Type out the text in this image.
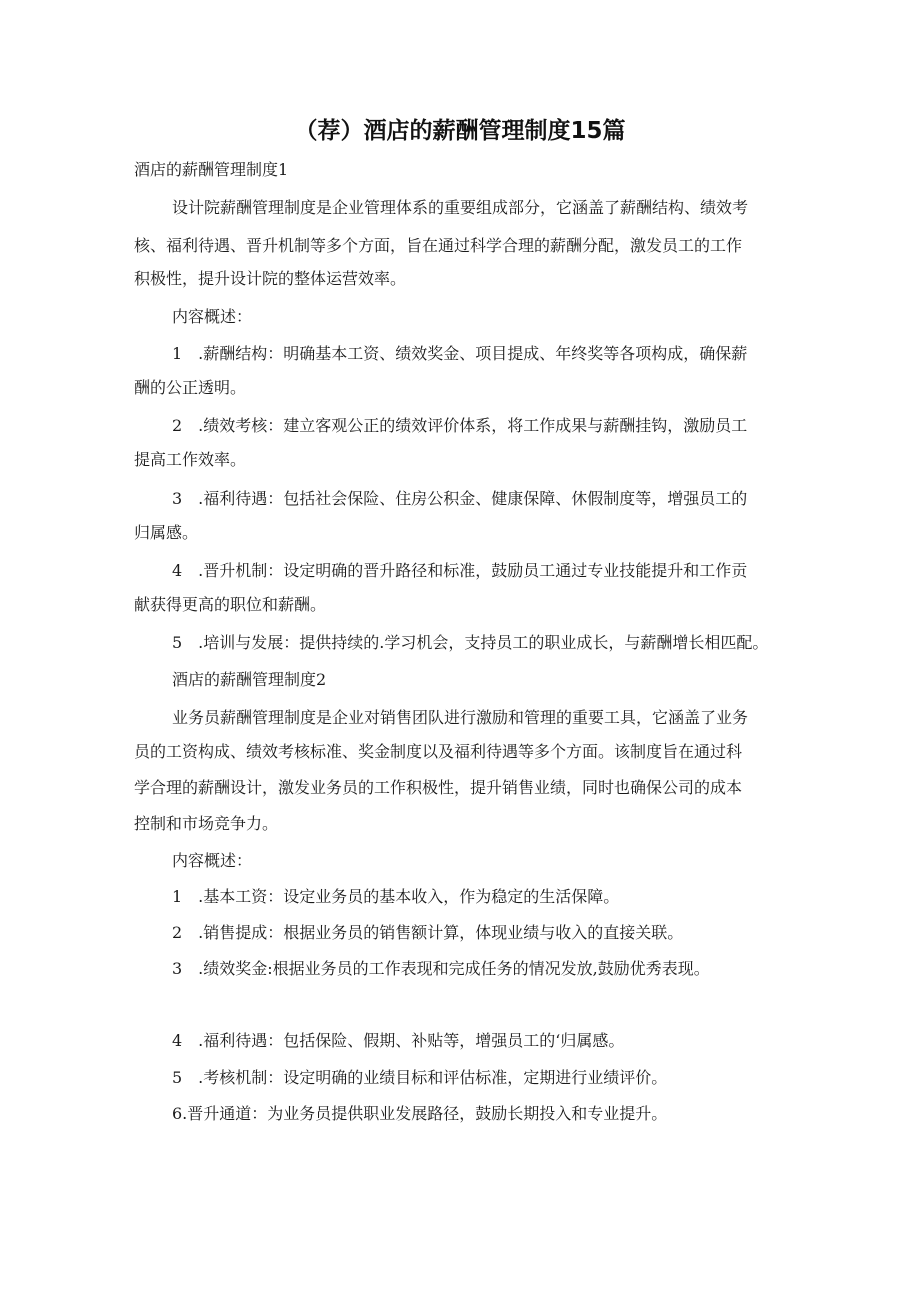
（荐）酒店的薪酬管理制度15篇
酒店的薪酬管理制度1
设计院薪酬管理制度是企业管理体系的重要组成部分，它涵盖了薪酬结构、绩效考
核、福利待遇、晋升机制等多个方面，旨在通过科学合理的薪酬分配，激发员工的工作
积极性，提升设计院的整体运营效率。
内容概述：
1　.薪酬结构：明确基本工资、绩效奖金、项目提成、年终奖等各项构成，确保薪
酬的公正透明。
2　.绩效考核：建立客观公正的绩效评价体系，将工作成果与薪酬挂钩，激励员工
提高工作效率。
3　.福利待遇：包括社会保险、住房公积金、健康保障、休假制度等，增强员工的
归属感。
4　.晋升机制：设定明确的晋升路径和标准，鼓励员工通过专业技能提升和工作贡
献获得更高的职位和薪酬。
5　.培训与发展：提供持续的.学习机会，支持员工的职业成长，与薪酬增长相匹配。
酒店的薪酬管理制度2
业务员薪酬管理制度是企业对销售团队进行激励和管理的重要工具，它涵盖了业务
员的工资构成、绩效考核标准、奖金制度以及福利待遇等多个方面。该制度旨在通过科
学合理的薪酬设计，激发业务员的工作积极性，提升销售业绩，同时也确保公司的成本
控制和市场竞争力。
内容概述：
1　.基本工资：设定业务员的基本收入，作为稳定的生活保障。
2　.销售提成：根据业务员的销售额计算，体现业绩与收入的直接关联。
3　.绩效奖金:根据业务员的工作表现和完成任务的情况发放,鼓励优秀表现。
4　.福利待遇：包括保险、假期、补贴等，增强员工的‘归属感。
5　.考核机制：设定明确的业绩目标和评估标准，定期进行业绩评价。
6.晋升通道：为业务员提供职业发展路径，鼓励长期投入和专业提升。
